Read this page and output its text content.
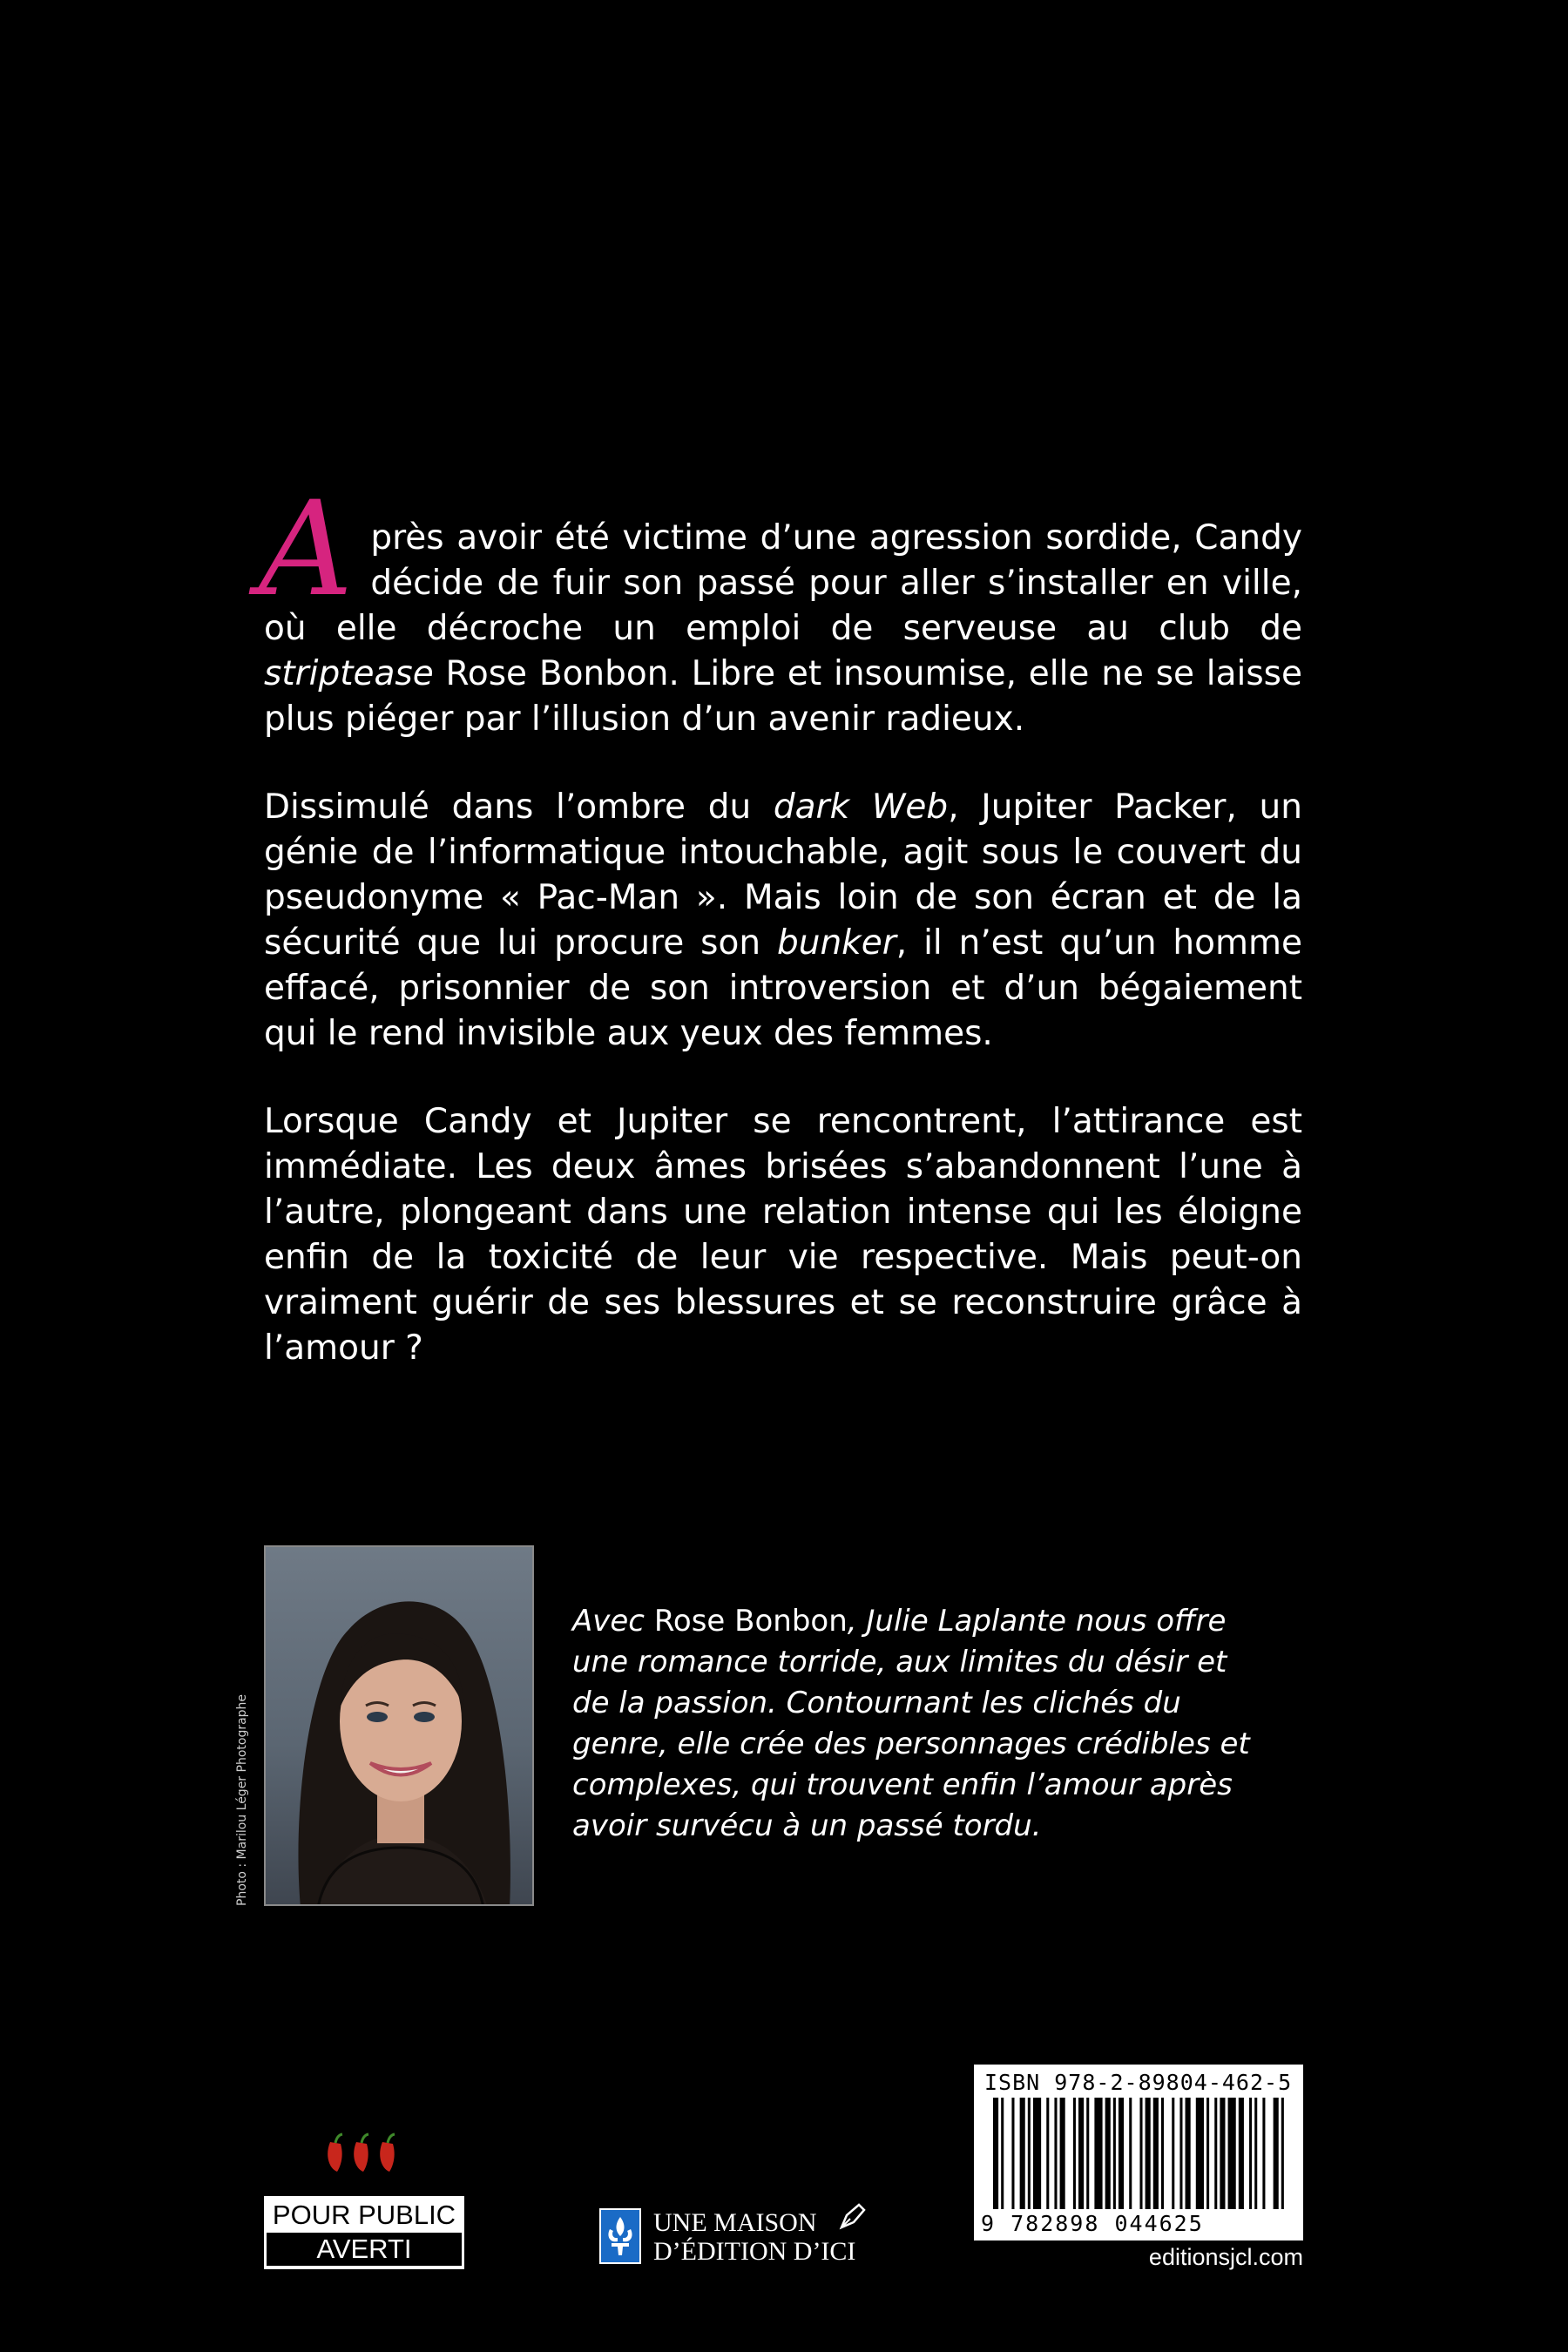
Après avoir été victime d’une agression sordide, Candy décide de fuir son passé pour aller s’installer en ville, où elle décroche un emploi de serveuse au club de striptease Rose Bonbon. Libre et insoumise, elle ne se laisse plus piéger par l’illusion d’un avenir radieux.

Dissimulé dans l’ombre du dark Web, Jupiter Packer, un génie de l’informatique intouchable, agit sous le couvert du pseudonyme « Pac-Man ». Mais loin de son écran et de la sécurité que lui procure son bunker, il n’est qu’un homme effacé, prisonnier de son introversion et d’un bégaiement qui le rend invisible aux yeux des femmes.

Lorsque Candy et Jupiter se rencontrent, l’attirance est immédiate. Les deux âmes brisées s’abandonnent l’une à l’autre, plongeant dans une relation intense qui les éloigne enfin de la toxicité de leur vie respective. Mais peut-on vraiment guérir de ses blessures et se reconstruire grâce à l’amour ?

Photo : Marilou Léger Photographe

Avec Rose Bonbon, Julie Laplante nous offre une romance torride, aux limites du désir et de la passion. Contournant les clichés du genre, elle crée des personnages crédibles et complexes, qui trouvent enfin l’amour après avoir survécu à un passé tordu.

POUR PUBLIC
AVERTI
UNE MAISON
D’ÉDITION D’ICI
ISBN 978-2-89804-462-5
9 782898 044625
editionsjcl.com
